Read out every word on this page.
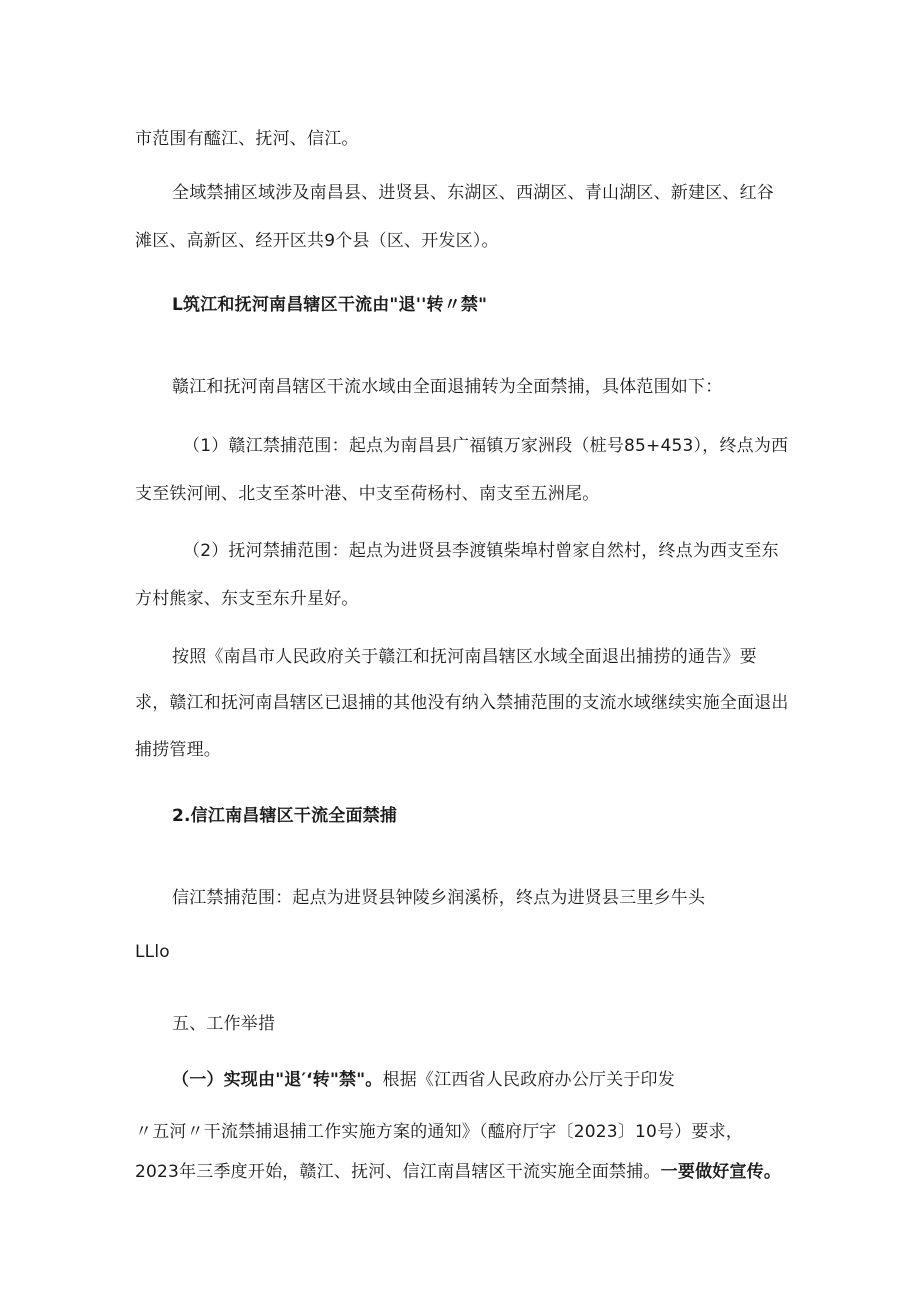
市范围有醯江、抚河、信江。
全域禁捕区域涉及南昌县、进贤县、东湖区、西湖区、青山湖区、新建区、红谷
滩区、高新区、经开区共9个县（区、开发区）。
L筑江和抚河南昌辖区干流由"退''转〃禁"
赣江和抚河南昌辖区干流水域由全面退捕转为全面禁捕，具体范围如下：
（1）赣江禁捕范围：起点为南昌县广福镇万家洲段（桩号85+453），终点为西
支至铁河闸、北支至茶叶港、中支至荷杨村、南支至五洲尾。
（2）抚河禁捕范围：起点为进贤县李渡镇柴埠村曾家自然村，终点为西支至东
方村熊家、东支至东升星好。
按照《南昌市人民政府关于赣江和抚河南昌辖区水域全面退出捕捞的通告》要
求，赣江和抚河南昌辖区已退捕的其他没有纳入禁捕范围的支流水域继续实施全面退出
捕捞管理。
2.信江南昌辖区干流全面禁捕
信江禁捕范围：起点为进贤县钟陵乡润溪桥，终点为进贤县三里乡牛头
LLlo
五、工作举措
（一）实现由"退′‘转"禁"。根据《江西省人民政府办公厅关于印发
〃五河〃干流禁捕退捕工作实施方案的通知》（醯府厅字〔2023〕10号）要求，
2023年三季度开始，赣江、抚河、信江南昌辖区干流实施全面禁捕。一要做好宣传。
